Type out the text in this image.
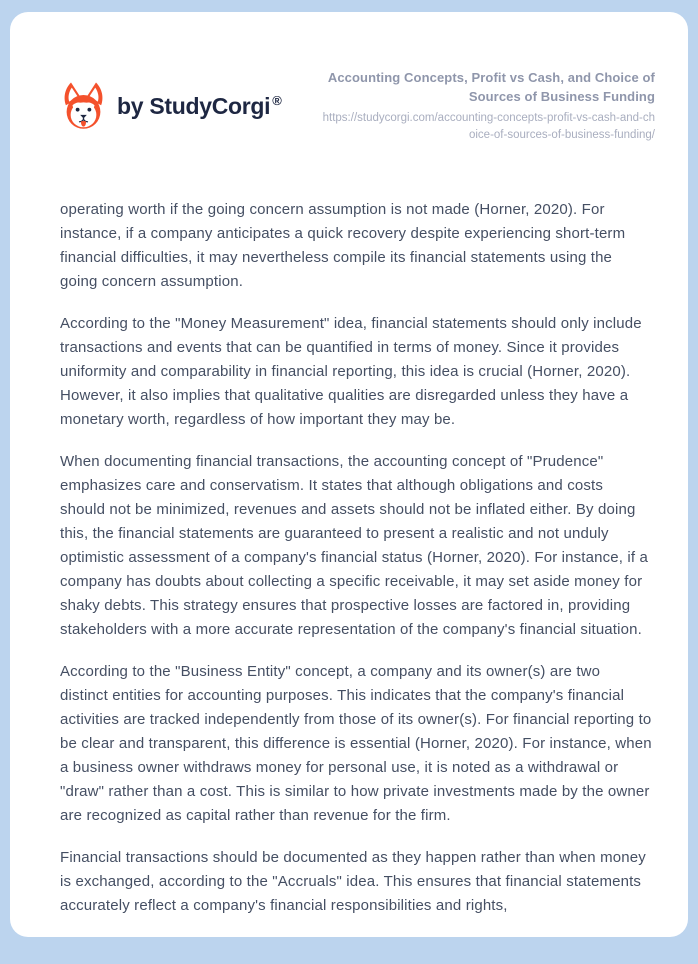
by StudyCorgi ®
Accounting Concepts, Profit vs Cash, and Choice of Sources of Business Funding
https://studycorgi.com/accounting-concepts-profit-vs-cash-and-choice-of-sources-of-business-funding/

operating worth if the going concern assumption is not made (Horner, 2020). For instance, if a company anticipates a quick recovery despite experiencing short-term financial difficulties, it may nevertheless compile its financial statements using the going concern assumption.

According to the "Money Measurement" idea, financial statements should only include transactions and events that can be quantified in terms of money. Since it provides uniformity and comparability in financial reporting, this idea is crucial (Horner, 2020). However, it also implies that qualitative qualities are disregarded unless they have a monetary worth, regardless of how important they may be.

When documenting financial transactions, the accounting concept of "Prudence" emphasizes care and conservatism. It states that although obligations and costs should not be minimized, revenues and assets should not be inflated either. By doing this, the financial statements are guaranteed to present a realistic and not unduly optimistic assessment of a company's financial status (Horner, 2020). For instance, if a company has doubts about collecting a specific receivable, it may set aside money for shaky debts. This strategy ensures that prospective losses are factored in, providing stakeholders with a more accurate representation of the company's financial situation.

According to the "Business Entity" concept, a company and its owner(s) are two distinct entities for accounting purposes. This indicates that the company's financial activities are tracked independently from those of its owner(s). For financial reporting to be clear and transparent, this difference is essential (Horner, 2020). For instance, when a business owner withdraws money for personal use, it is noted as a withdrawal or "draw" rather than a cost. This is similar to how private investments made by the owner are recognized as capital rather than revenue for the firm.

Financial transactions should be documented as they happen rather than when money is exchanged, according to the "Accruals" idea. This ensures that financial statements accurately reflect a company's financial responsibilities and rights,
